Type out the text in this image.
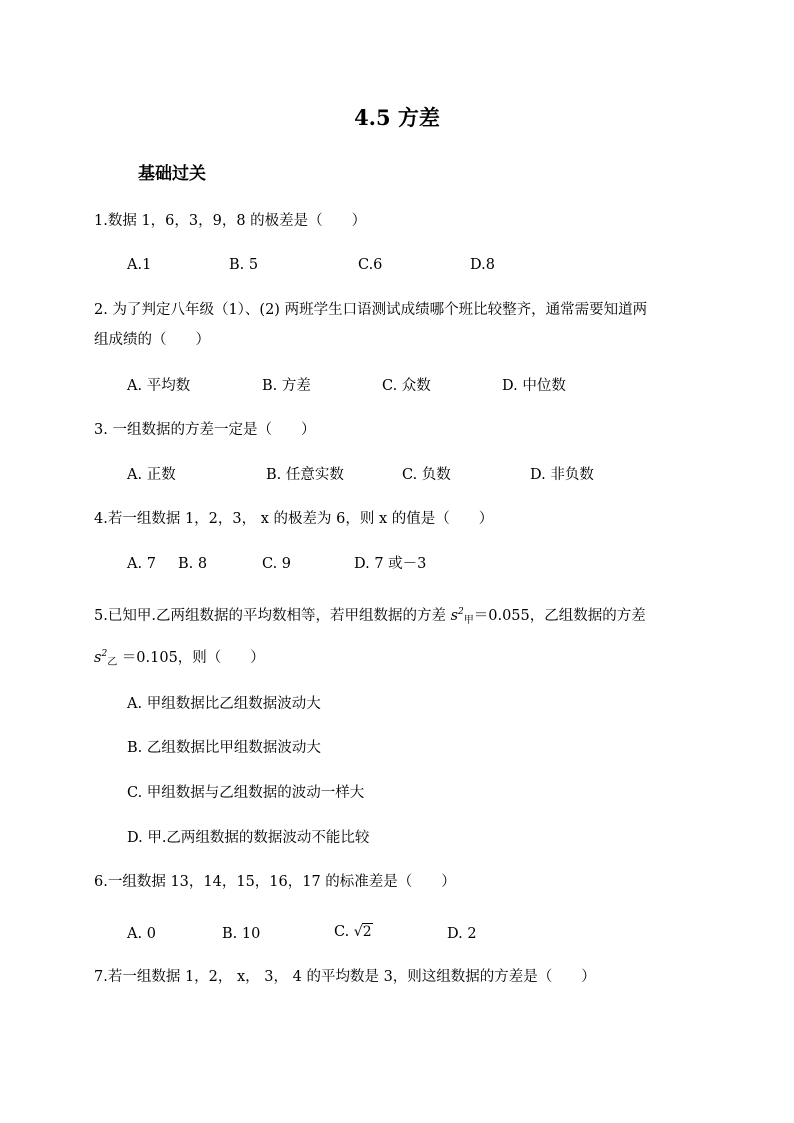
4.5 方差
基础过关
1.数据 1，6，3，9，8 的极差是（　　）
A.1	B. 5	C.6	D.8
2. 为了判定八年级（1）、(2) 两班学生口语测试成绩哪个班比较整齐，通常需要知道两
组成绩的（　　）
A. 平均数	B. 方差	C. 众数	D. 中位数
3. 一组数据的方差一定是（　　）
A. 正数	B. 任意实数	C. 负数	D. 非负数
4.若一组数据 1，2，3， x 的极差为 6，则 x 的值是（　　）
A. 7 B. 8	C. 9	D. 7 或－3
5.已知甲.乙两组数据的平均数相等，若甲组数据的方差 $s^2_甲=0.055$，乙组数据的方差
$s^2_乙 =0.105$，则（　　）
A. 甲组数据比乙组数据波动大
B. 乙组数据比甲组数据波动大
C. 甲组数据与乙组数据的波动一样大
D. 甲.乙两组数据的数据波动不能比较
6.一组数据 13，14，15，16，17 的标准差是（　　）
A. 0	B. 10	C. √2	D. 2
7.若一组数据 1，2， x， 3， 4 的平均数是 3，则这组数据的方差是（　　）
